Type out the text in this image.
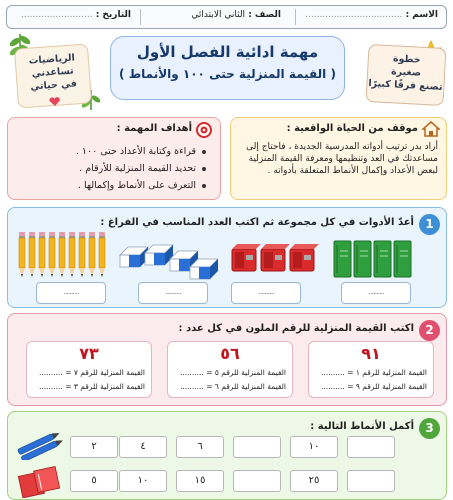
الاسم : ..................................
الصف : الثاني الابتدائي
التاريخ : .........................
مهمة ادائية الفصل الأول
( القيمة المنزلية حتى ١٠٠ والأنماط )
خطوة
صغيرة
تصنع فرقًا كبيرًا
الرياضيات
تساعدني
في حياتي
أهداف المهمة :
قراءة وكتابة الأعداد حتى ١٠٠ .
تحديد القيمة المنزلية للأرقام .
التعرف على الأنماط وإكمالها .
موقف من الحياة الواقعية :
أراد بدر ترتيب أدواته المدرسية الجديدة ، فاحتاج إلى مساعدتك في العد وتنظيمها ومعرفة القيمة المنزلية لبعض الأعداد وإكمال الأنماط المتعلقة بأدواته .
1
أعدّ الأدوات في كل مجموعة ثم اكتب العدد المناسب في الفراغ :
..........
..........
..........
..........
2
اكتب القيمة المنزلية للرقم الملون في كل عدد :
٩١
القيمة المنزلية للرقم ١ = ..........
القيمة المنزلية للرقم ٩ = ..........
٥٦
القيمة المنزلية للرقم ٥ = ..........
القيمة المنزلية للرقم ٦ = ..........
٧٣
القيمة المنزلية للرقم ٧ = ..........
القيمة المنزلية للرقم ٣ = ..........
3
أكمل الأنماط التالية :
١٠
٦
٤
٢
٢٥
١٥
١٠
٥
